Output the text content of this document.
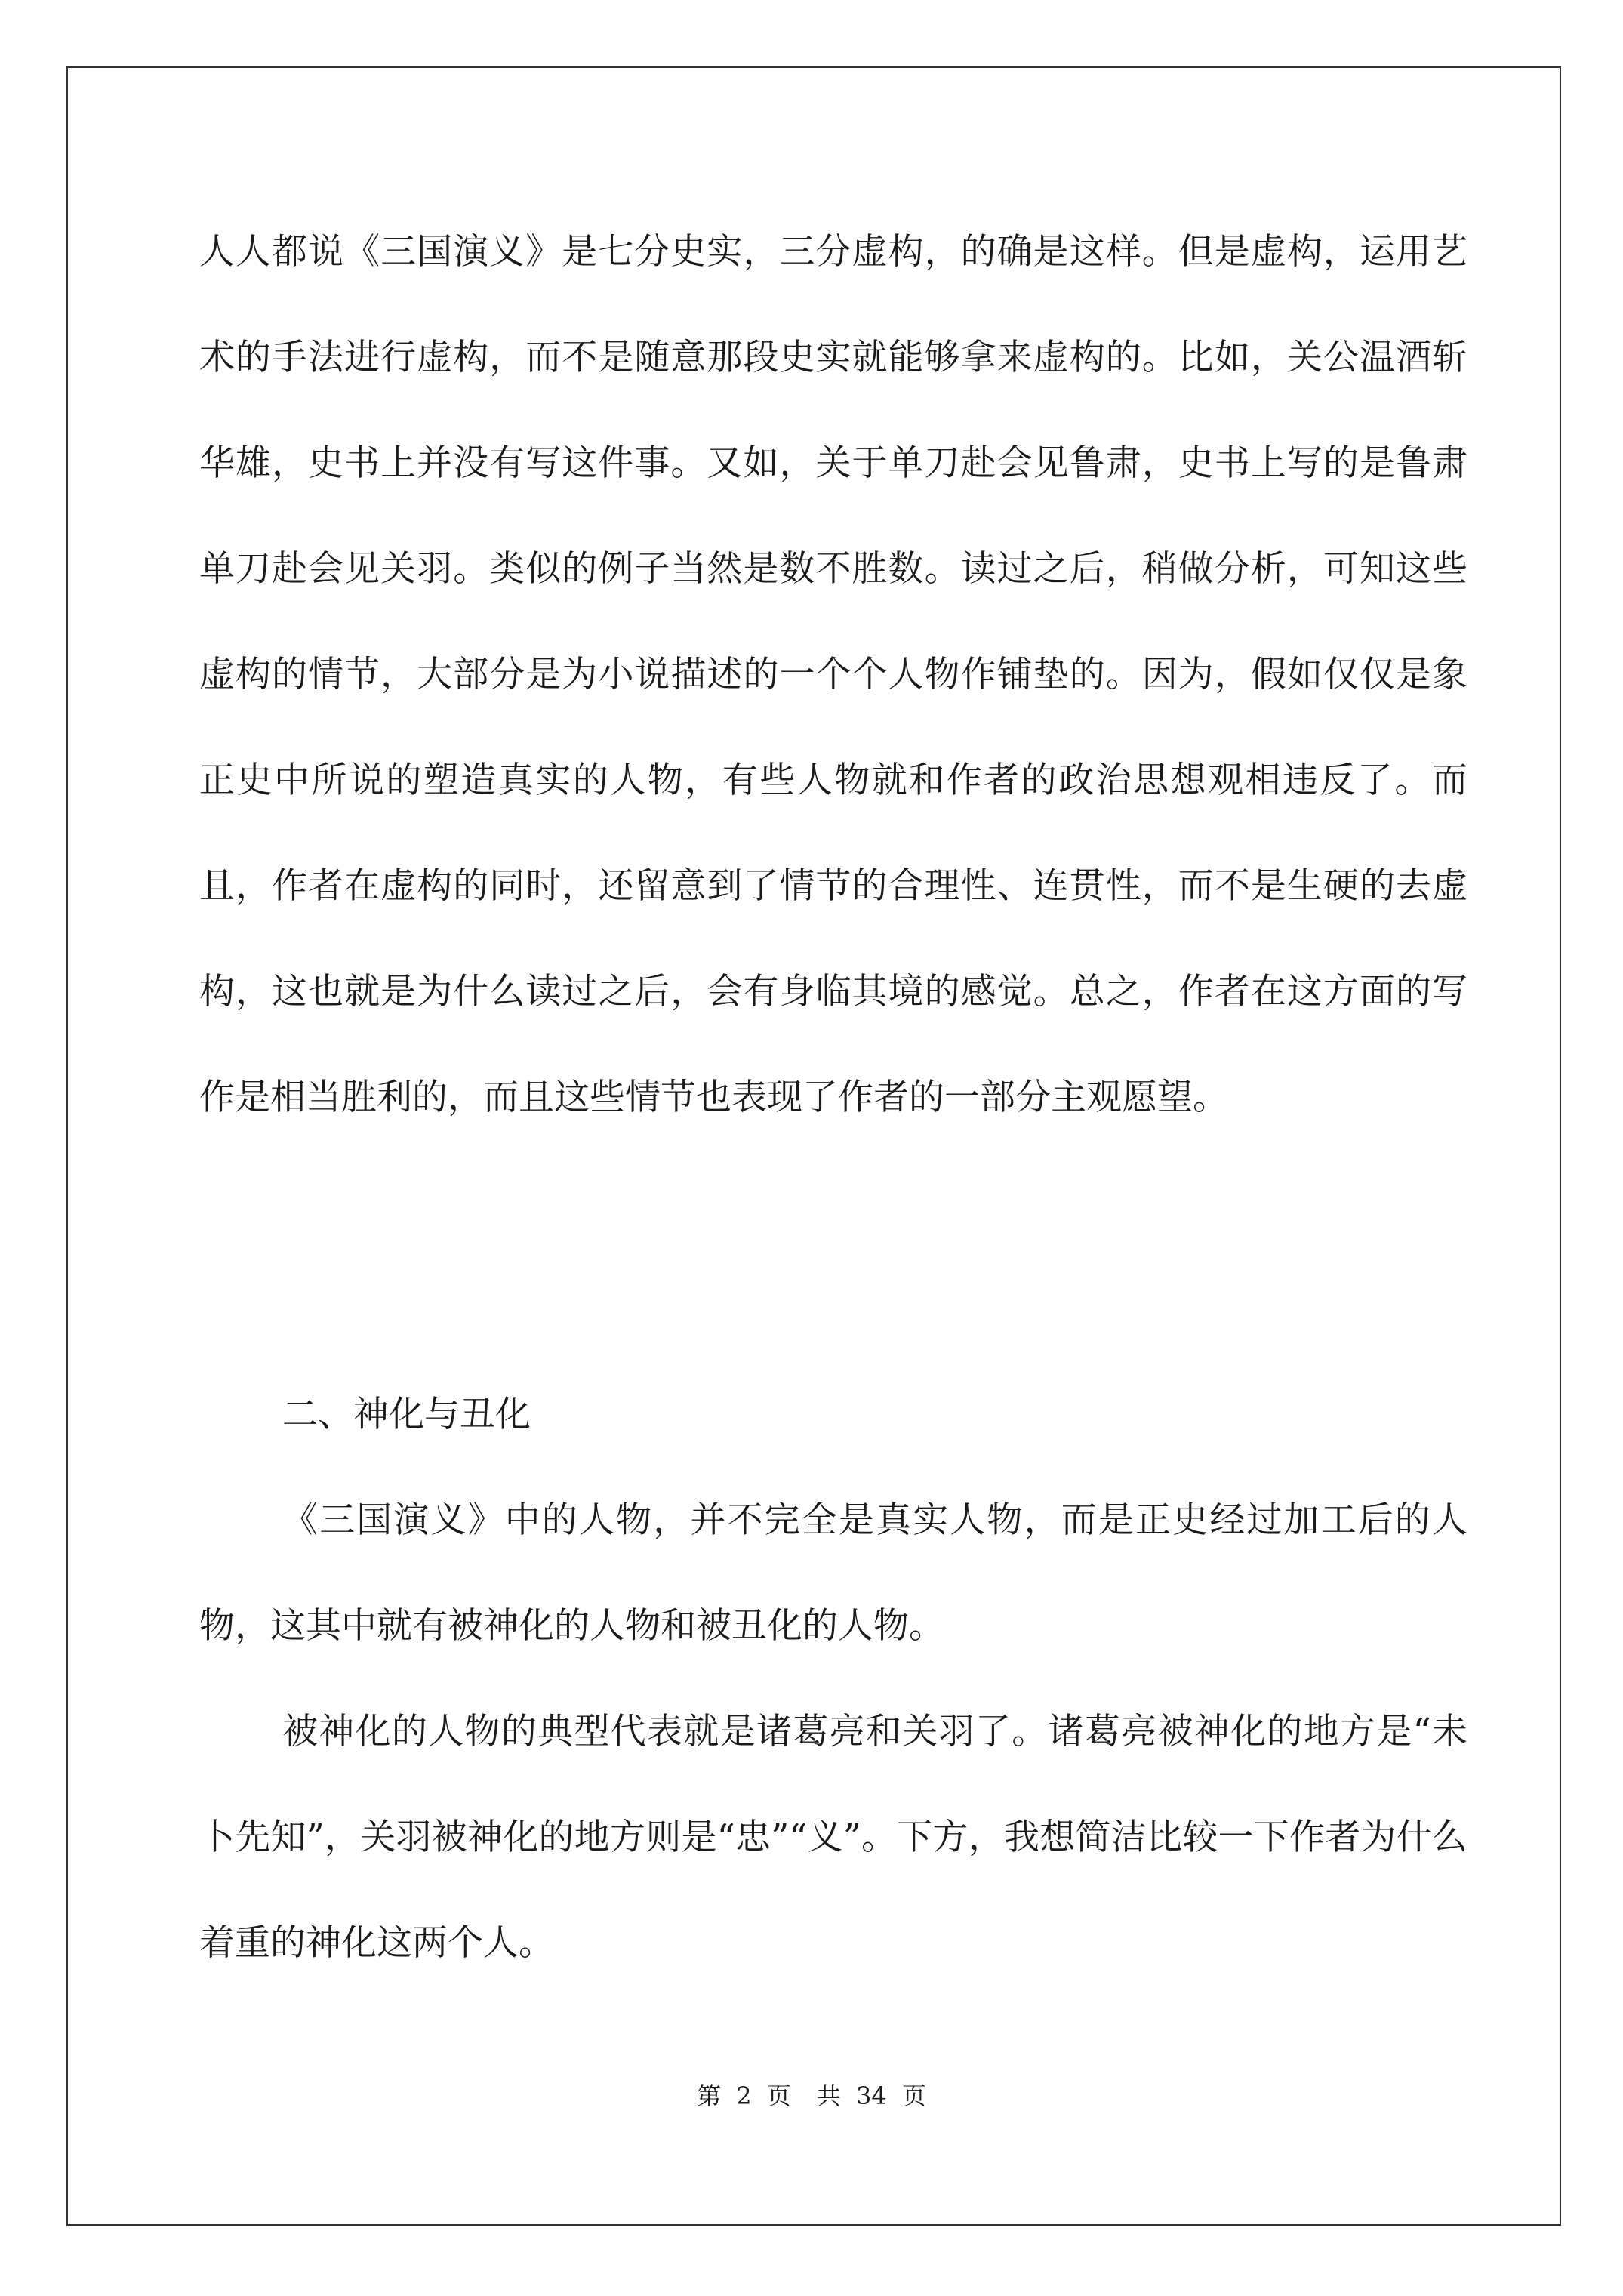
人人都说《三国演义》是七分史实，三分虚构，的确是这样。但是虚构，运用艺术的手法进行虚构，而不是随意那段史实就能够拿来虚构的。比如，关公温酒斩华雄，史书上并没有写这件事。又如，关于单刀赴会见鲁肃，史书上写的是鲁肃单刀赴会见关羽。类似的例子当然是数不胜数。读过之后，稍做分析，可知这些虚构的情节，大部分是为小说描述的一个个人物作铺垫的。因为，假如仅仅是象正史中所说的塑造真实的人物，有些人物就和作者的政治思想观相违反了。而且，作者在虚构的同时，还留意到了情节的合理性、连贯性，而不是生硬的去虚构，这也就是为什么读过之后，会有身临其境的感觉。总之，作者在这方面的写作是相当胜利的，而且这些情节也表现了作者的一部分主观愿望。

二、神化与丑化

《三国演义》中的人物，并不完全是真实人物，而是正史经过加工后的人物，这其中就有被神化的人物和被丑化的人物。

被神化的人物的典型代表就是诸葛亮和关羽了。诸葛亮被神化的地方是“未卜先知”，关羽被神化的地方则是“忠”“义”。下方，我想简洁比较一下作者为什么着重的神化这两个人。

第 2 页 共 34 页
